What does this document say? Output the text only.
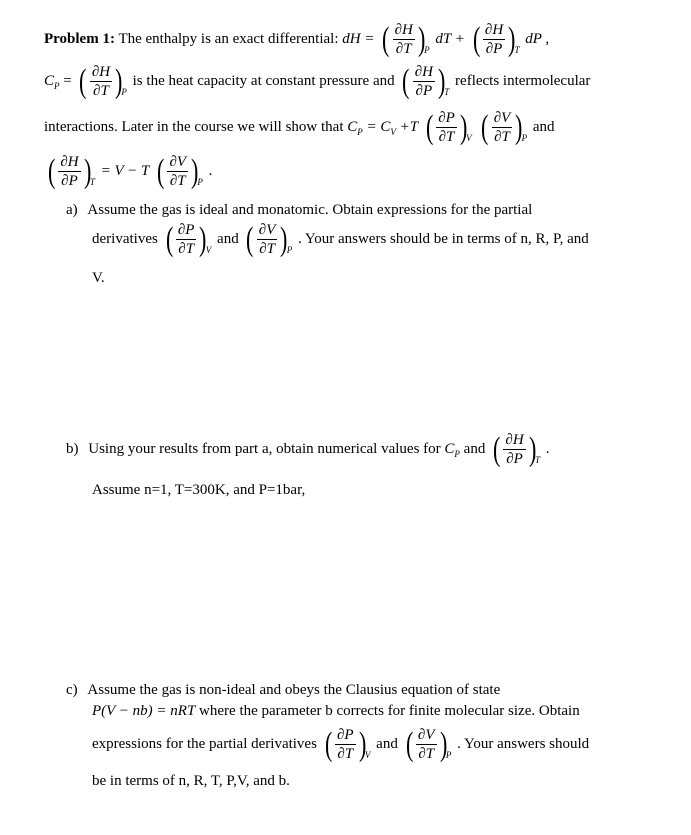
Problem 1: The enthalpy is an exact differential: dH = ( $\frac{\partial H}{\partial T}$ )
P
dT + ( $\frac{\partial H}{\partial P}$ )
T
dP ,
$C_P$ = ( $\frac{\partial H}{\partial T}$ )
P
is the heat capacity at constant pressure and ( $\frac{\partial H}{\partial P}$ )
T
reflects intermolecular
interactions. Later in the course we will show that $C_P = C_V +T$ ( $\frac{\partial P}{\partial T}$ )
V
( $\frac{\partial V}{\partial T}$ )
P
and
( $\frac{\partial H}{\partial P}$ )
T
= V − T ( $\frac{\partial V}{\partial T}$ )
P
.
a) Assume the gas is ideal and monatomic. Obtain expressions for the partial
derivatives ( $\frac{\partial P}{\partial T}$ )
V
and ( $\frac{\partial V}{\partial T}$ )
P
. Your answers should be in terms of n, R, P, and
V.
b) Using your results from part a, obtain numerical values for $C_P$ and ( $\frac{\partial H}{\partial P}$ )
T
.
Assume n=1, T=300K, and P=1bar,
c) Assume the gas is non-ideal and obeys the Clausius equation of state
P(V − nb) = nRT where the parameter b corrects for finite molecular size. Obtain
expressions for the partial derivatives ( $\frac{\partial P}{\partial T}$ )
V
and ( $\frac{\partial V}{\partial T}$ )
P
. Your answers should
be in terms of n, R, T, P,V, and b.
